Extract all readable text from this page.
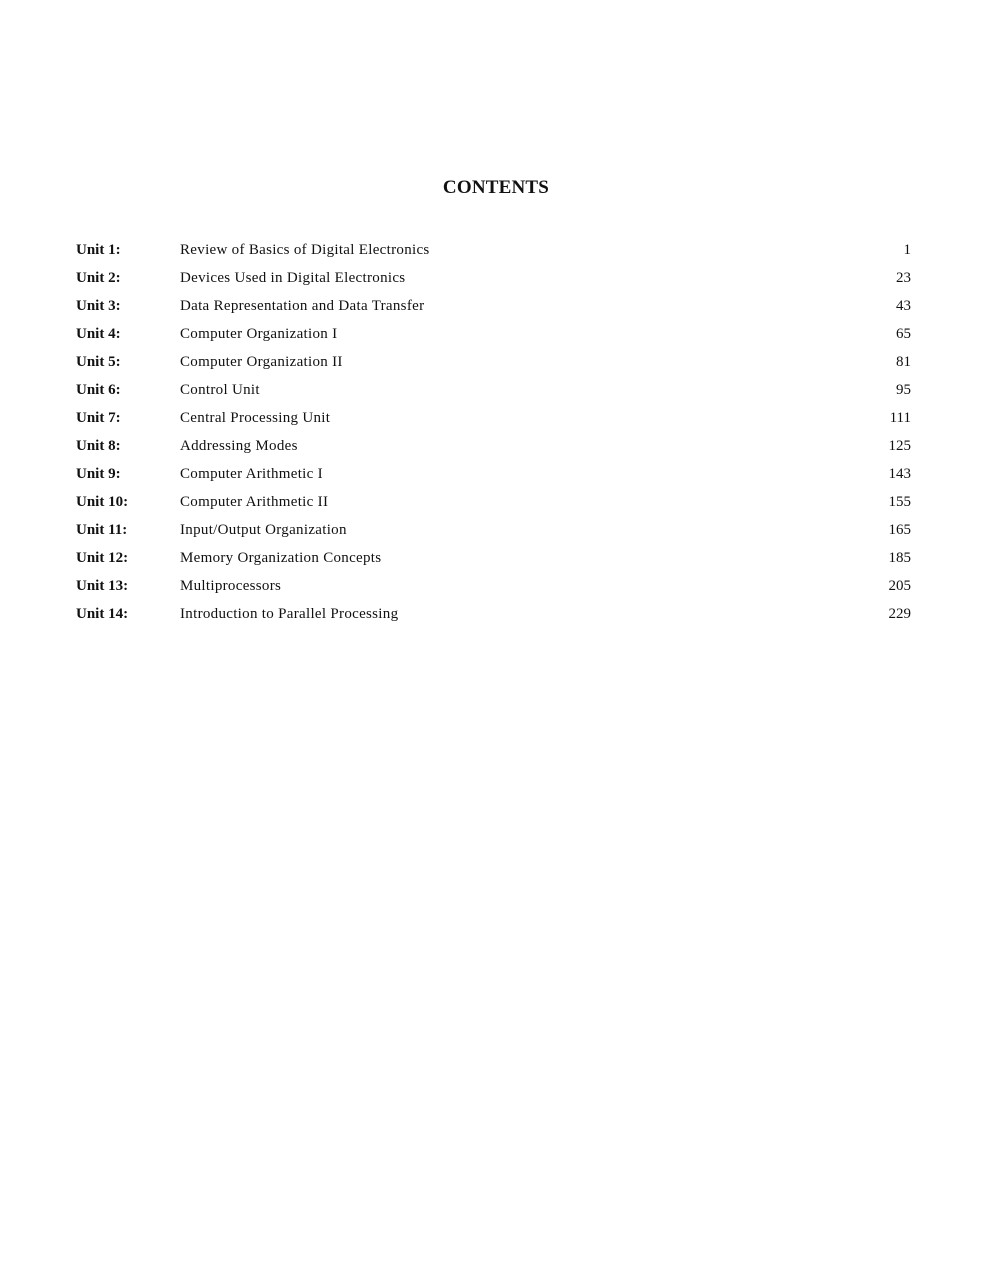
CONTENTS
Unit 1:	Review of Basics of Digital Electronics	1
Unit 2:	Devices Used in Digital Electronics	23
Unit 3:	Data Representation and Data Transfer	43
Unit 4:	Computer Organization I	65
Unit 5:	Computer Organization II	81
Unit 6:	Control Unit	95
Unit 7:	Central Processing Unit	111
Unit 8:	Addressing Modes	125
Unit 9:	Computer Arithmetic I	143
Unit 10:	Computer Arithmetic II	155
Unit 11:	Input/Output Organization	165
Unit 12:	Memory Organization Concepts	185
Unit 13:	Multiprocessors	205
Unit 14:	Introduction to Parallel Processing	229
